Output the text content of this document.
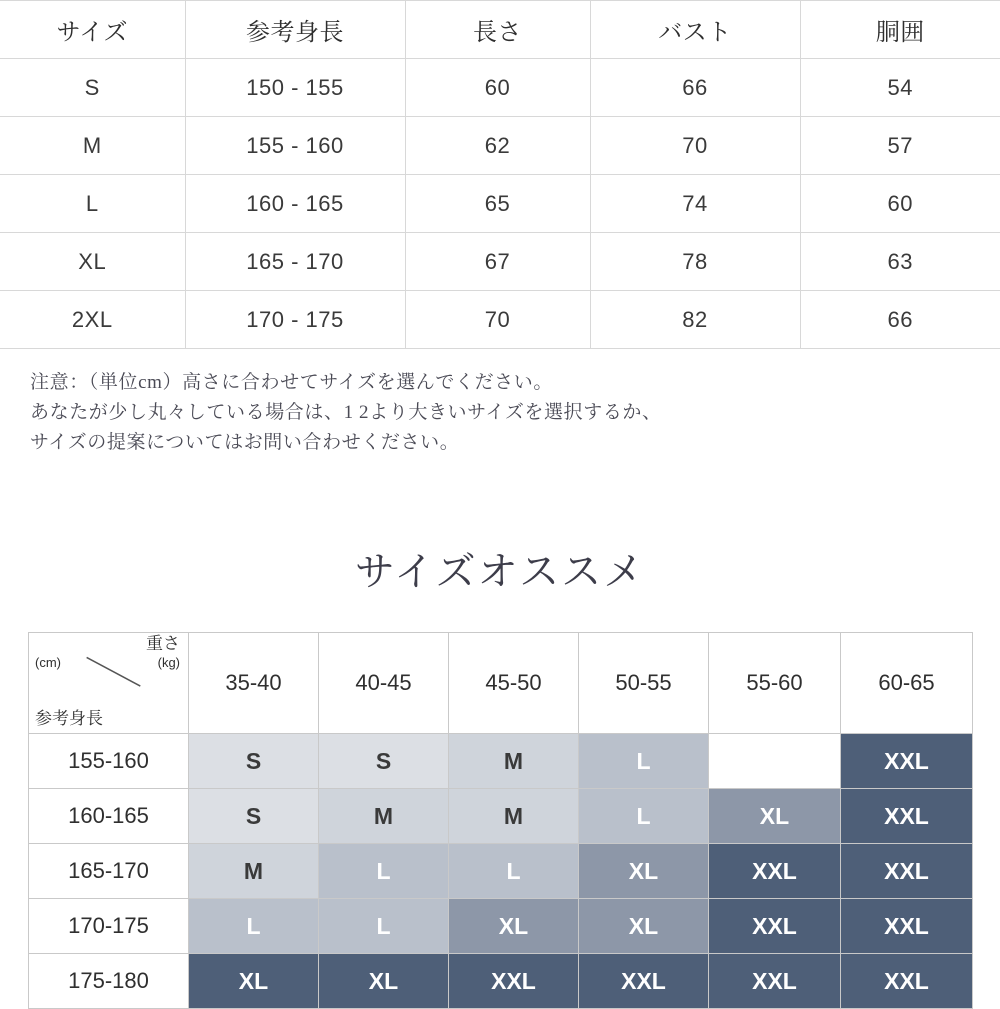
サイズ	参考身長	長さ	バスト	胴囲
S	150 - 155	60	66	54
M	155 - 160	62	70	57
L	160 - 165	65	74	60
XL	165 - 170	67	78	63
2XL	170 - 175	70	82	66
注意：（単位cm）高さに合わせてサイズを選んでください。
あなたが少し丸々している場合は、1 2より大きいサイズを選択するか、
サイズの提案についてはお問い合わせください。
サイズオススメ
重さ
(kg)
(cm)
参考身長	35-40	40-45	45-50	50-55	55-60	60-65
155-160	S	S	M	L	XL	XXL
160-165	S	M	M	L	XL	XXL
165-170	M	L	L	XL	XXL	XXL
170-175	L	L	XL	XL	XXL	XXL
175-180	XL	XL	XXL	XXL	XXL	XXL
